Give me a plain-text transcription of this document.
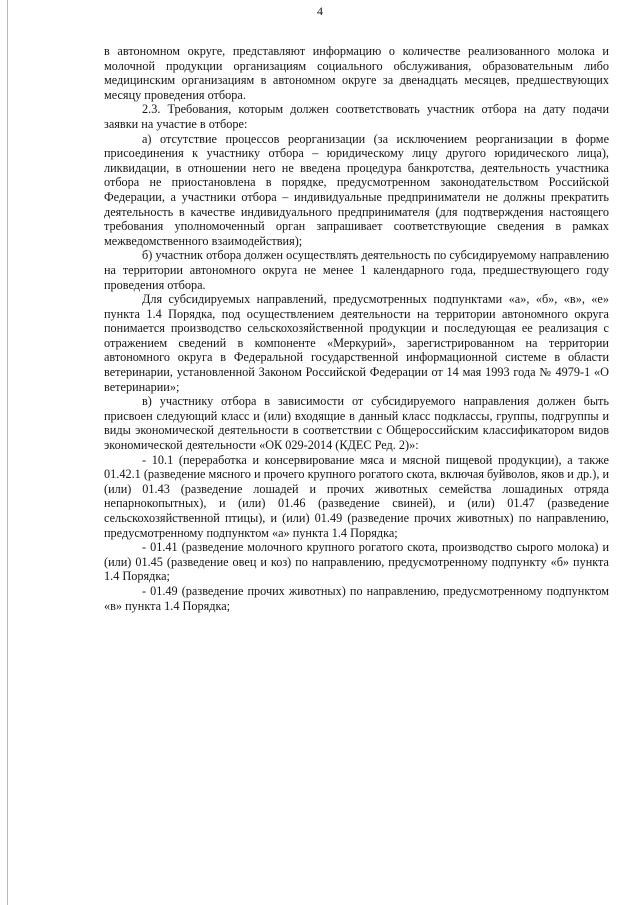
4

в автономном округе, представляют информацию о количестве реализованного молока и молочной продукции организациям социального обслуживания, образовательным либо медицинским организациям в автономном округе за двенадцать месяцев, предшествующих месяцу проведения отбора.

2.3. Требования, которым должен соответствовать участник отбора на дату подачи заявки на участие в отборе:

а) отсутствие процессов реорганизации (за исключением реорганизации в форме присоединения к участнику отбора – юридическому лицу другого юридического лица), ликвидации, в отношении него не введена процедура банкротства, деятельность участника отбора не приостановлена в порядке, предусмотренном законодательством Российской Федерации, а участники отбора – индивидуальные предприниматели не должны прекратить деятельность в качестве индивидуального предпринимателя (для подтверждения настоящего требования уполномоченный орган запрашивает соответствующие сведения в рамках межведомственного взаимодействия);

б) участник отбора должен осуществлять деятельность по субсидируемому направлению на территории автономного округа не менее 1 календарного года, предшествующего году проведения отбора.

Для субсидируемых направлений, предусмотренных подпунктами «а», «б», «в», «е» пункта 1.4 Порядка, под осуществлением деятельности на территории автономного округа понимается производство сельскохозяйственной продукции и последующая ее реализация с отражением сведений в компоненте «Меркурий», зарегистрированном на территории автономного округа в Федеральной государственной информационной системе в области ветеринарии, установленной Законом Российской Федерации от 14 мая 1993 года № 4979-1 «О ветеринарии»;

в) участнику отбора в зависимости от субсидируемого направления должен быть присвоен следующий класс и (или) входящие в данный класс подклассы, группы, подгруппы и виды экономической деятельности в соответствии с Общероссийским классификатором видов экономической деятельности «ОК 029-2014 (КДЕС Ред. 2)»:

- 10.1 (переработка и консервирование мяса и мясной пищевой продукции), а также 01.42.1 (разведение мясного и прочего крупного рогатого скота, включая буйволов, яков и др.), и (или) 01.43 (разведение лошадей и прочих животных семейства лошадиных отряда непарнокопытных), и (или) 01.46 (разведение свиней), и (или) 01.47 (разведение сельскохозяйственной птицы), и (или) 01.49 (разведение прочих животных) по направлению, предусмотренному подпунктом «а» пункта 1.4 Порядка;

- 01.41 (разведение молочного крупного рогатого скота, производство сырого молока) и (или) 01.45 (разведение овец и коз) по направлению, предусмотренному подпункту «б» пункта 1.4 Порядка;

- 01.49 (разведение прочих животных) по направлению, предусмотренному подпунктом «в» пункта 1.4 Порядка;
